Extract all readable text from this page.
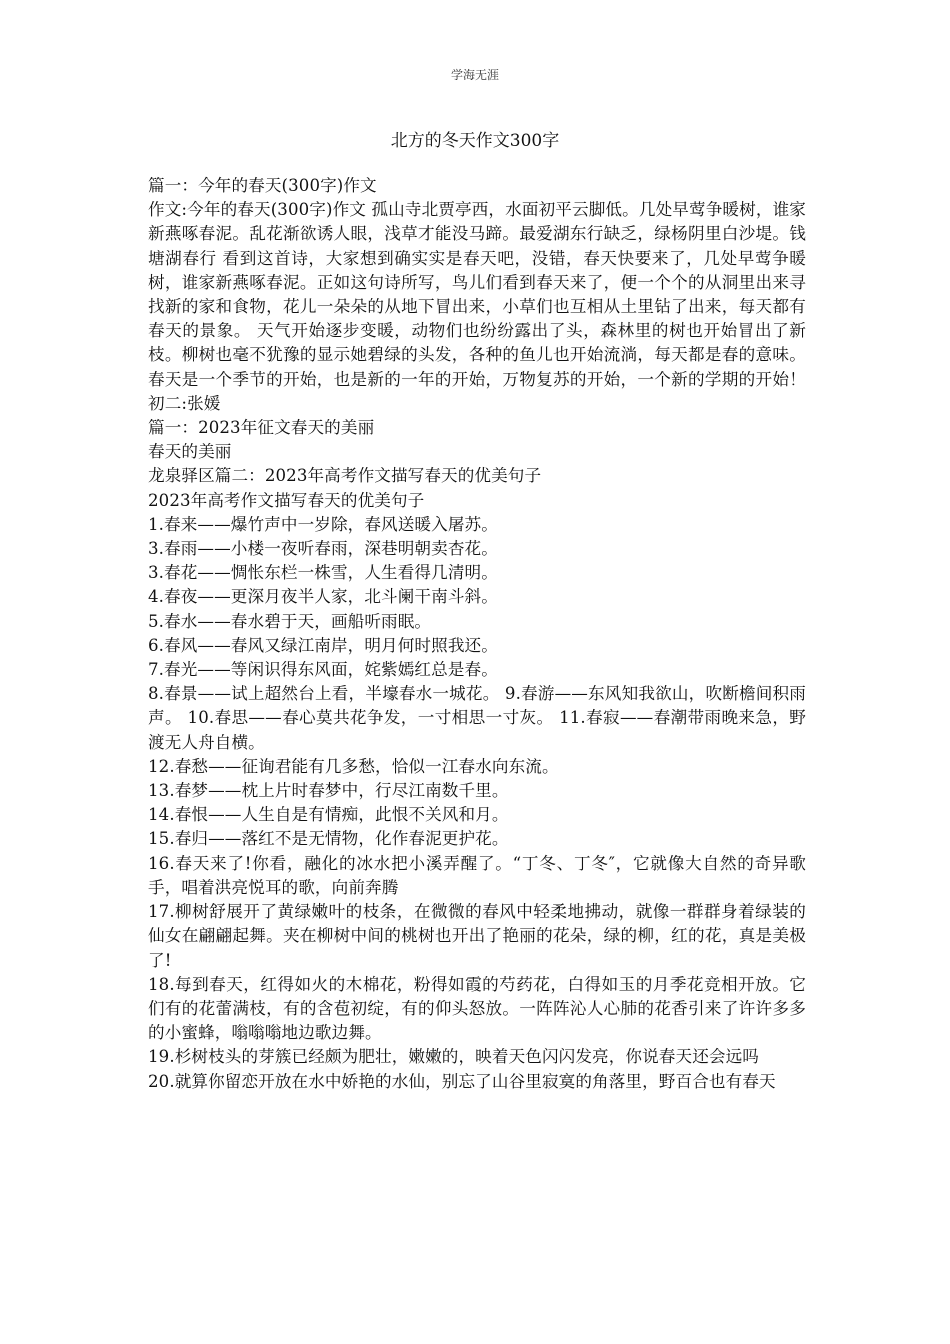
学海无涯
北方的冬天作文300字

篇一：今年的春天(300字)作文

作文:今年的春天(300字)作文 孤山寺北贾亭西，水面初平云脚低。几处早莺争暖树，谁家新燕啄春泥。乱花渐欲诱人眼，浅草才能没马蹄。最爱湖东行缺乏，绿杨阴里白沙堤。钱塘湖春行 看到这首诗，大家想到确实实是春天吧，没错，春天快要来了，几处早莺争暖树，谁家新燕啄春泥。正如这句诗所写，鸟儿们看到春天来了，便一个个的从洞里出来寻找新的家和食物，花儿一朵朵的从地下冒出来，小草们也互相从土里钻了出来，每天都有春天的景象。 天气开始逐步变暖，动物们也纷纷露出了头，森林里的树也开始冒出了新枝。柳树也毫不犹豫的显示她碧绿的头发，各种的鱼儿也开始流淌，每天都是春的意味。 春天是一个季节的开始，也是新的一年的开始，万物复苏的开始，一个新的学期的开始！初二:张媛

篇一：2023年征文春天的美丽

春天的美丽

龙泉驿区篇二：2023年高考作文描写春天的优美句子

2023年高考作文描写春天的优美句子

1.春来——爆竹声中一岁除，春风送暖入屠苏。

3.春雨——小楼一夜听春雨，深巷明朝卖杏花。

3.春花——惆怅东栏一株雪，人生看得几清明。

4.春夜——更深月夜半人家，北斗阑干南斗斜。

5.春水——春水碧于天，画船听雨眠。

6.春风——春风又绿江南岸，明月何时照我还。

7.春光——等闲识得东风面，姹紫嫣红总是春。

8.春景——试上超然台上看，半壕春水一城花。 9.春游——东风知我欲山，吹断檐间积雨声。 10.春思——春心莫共花争发，一寸相思一寸灰。 11.春寂——春潮带雨晚来急，野渡无人舟自横。

12.春愁——征询君能有几多愁，恰似一江春水向东流。

13.春梦——枕上片时春梦中，行尽江南数千里。

14.春恨——人生自是有情痴，此恨不关风和月。

15.春归——落红不是无情物，化作春泥更护花。

16.春天来了!你看，融化的冰水把小溪弄醒了。“丁冬、丁冬″，它就像大自然的奇异歌手，唱着洪亮悦耳的歌，向前奔腾

17.柳树舒展开了黄绿嫩叶的枝条，在微微的春风中轻柔地拂动，就像一群群身着绿装的仙女在翩翩起舞。夹在柳树中间的桃树也开出了艳丽的花朵，绿的柳，红的花，真是美极了!

18.每到春天，红得如火的木棉花，粉得如霞的芍药花，白得如玉的月季花竞相开放。它们有的花蕾满枝，有的含苞初绽，有的仰头怒放。一阵阵沁人心肺的花香引来了许许多多的小蜜蜂，嗡嗡嗡地边歌边舞。

19.杉树枝头的芽簇已经颇为肥壮，嫩嫩的，映着天色闪闪发亮，你说春天还会远吗

20.就算你留恋开放在水中娇艳的水仙，别忘了山谷里寂寞的角落里，野百合也有春天
